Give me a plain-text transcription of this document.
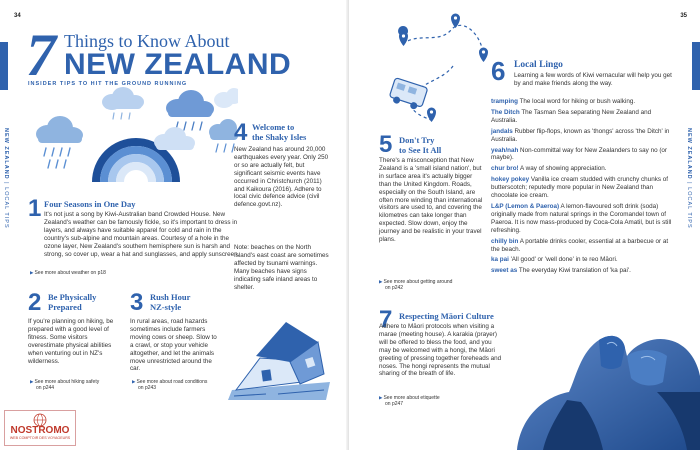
34
NEW ZEALAND | LOCAL TIPS
7 Things to Know About
NEW ZEALAND
INSIDER TIPS TO HIT THE GROUND RUNNING
1 Four Seasons in One Day
It's not just a song by Kiwi-Australian band Crowded House. New Zealand's weather can be famously fickle, so it's important to dress in layers, and always have suitable apparel for cold and rain in the country's sub-alpine and mountain areas. Courtesy of a hole in the ozone layer, New Zealand's southern hemisphere sun is harsh and strong, so cover up, wear a hat and sunglasses, and apply sunscreen.
▶See more about weather on p18
2 Be Physically
Prepared
If you're planning on hiking, be prepared with a good level of fitness. Some visitors overestimate physical abilities when venturing out in NZ's wilderness.
▶See more about hiking safety
on p244
3 Rush Hour
NZ-style
In rural areas, road hazards sometimes include farmers moving cows or sheep. Slow to a crawl, or stop your vehicle altogether, and let the animals move unrestricted around the car.
▶See more about road conditions
on p243
4 Welcome to
the Shaky Isles
New Zealand has around 20,000 earthquakes every year. Only 250 or so are actually felt, but significant seismic events have occurred in Christchurch (2011) and Kaikoura (2016). Adhere to local civic defence advice (civil defence.govt.nz).
Note: beaches on the North Island's east coast are sometimes affected by tsunami warnings. Many beaches have signs indicating safe inland areas to shelter.
NOSTROMO
WEB COMPTOIR DES VOYAGEURS
35
NEW ZEALAND | LOCAL TIPS
5 Don't Try
to See It All
There's a misconception that New Zealand is a 'small island nation', but in surface area it's actually bigger than the United Kingdom. Roads, especially on the South Island, are often more winding than international visitors are used to, and covering the kilometres can take longer than expected. Slow down, enjoy the journey and be realistic in your travel plans.
▶See more about getting around
on p242
6 Local Lingo
Learning a few words of Kiwi vernacular will help you get by and make friends along the way.
tramping The local word for hiking or bush walking.
The Ditch The Tasman Sea separating New Zealand and Australia.
jandals Rubber flip-flops, known as 'thongs' across 'the Ditch' in Australia.
yeah/nah Non-committal way for New Zealanders to say no (or maybe).
chur bro! A way of showing appreciation.
hokey pokey Vanilla ice cream studded with crunchy chunks of butterscotch; reputedly more popular in New Zealand than chocolate ice cream.
L&P (Lemon & Paeroa) A lemon-flavoured soft drink (soda) originally made from natural springs in the Coromandel town of Paeroa. It is now mass-produced by Coca-Cola Amatil, but is still refreshing.
chilly bin A portable drinks cooler, essential at a barbecue or at the beach.
ka pai 'All good' or 'well done' in te reo Māori.
sweet as The everyday Kiwi translation of 'ka pai'.
7 Respecting Māori Culture
Adhere to Māori protocols when visiting a marae (meeting house). A karakia (prayer) will be offered to bless the food, and you may be welcomed with a hongi, the Māori greeting of pressing together foreheads and noses. The hongi represents the mutual sharing of the breath of life.
▶See more about etiquette
on p247
